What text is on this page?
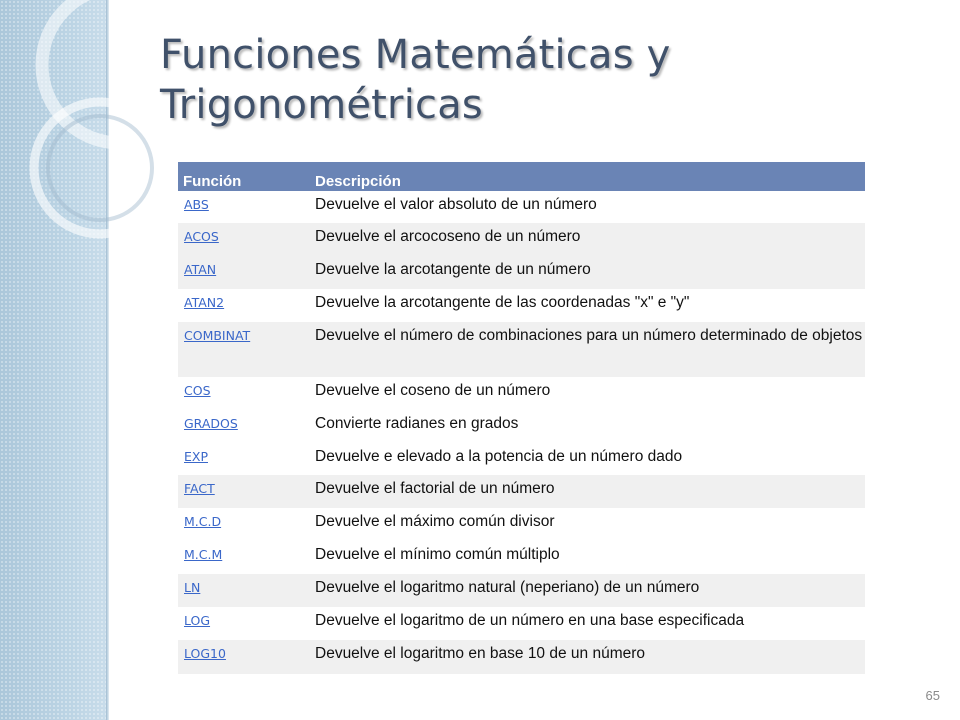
Funciones Matemáticas y
Trigonométricas
Función	Descripción
ABS	Devuelve el valor absoluto de un número
ACOS	Devuelve el arcocoseno de un número
ATAN	Devuelve la arcotangente de un número
ATAN2	Devuelve la arcotangente de las coordenadas "x" e "y"
COMBINAT	Devuelve el número de combinaciones para un número determinado de objetos
COS	Devuelve el coseno de un número
GRADOS	Convierte radianes en grados
EXP	Devuelve e elevado a la potencia de un número dado
FACT	Devuelve el factorial de un número
M.C.D	Devuelve el máximo común divisor
M.C.M	Devuelve el mínimo común múltiplo
LN	Devuelve el logaritmo natural (neperiano) de un número
LOG	Devuelve el logaritmo de un número en una base especificada
LOG10	Devuelve el logaritmo en base 10 de un número
65
